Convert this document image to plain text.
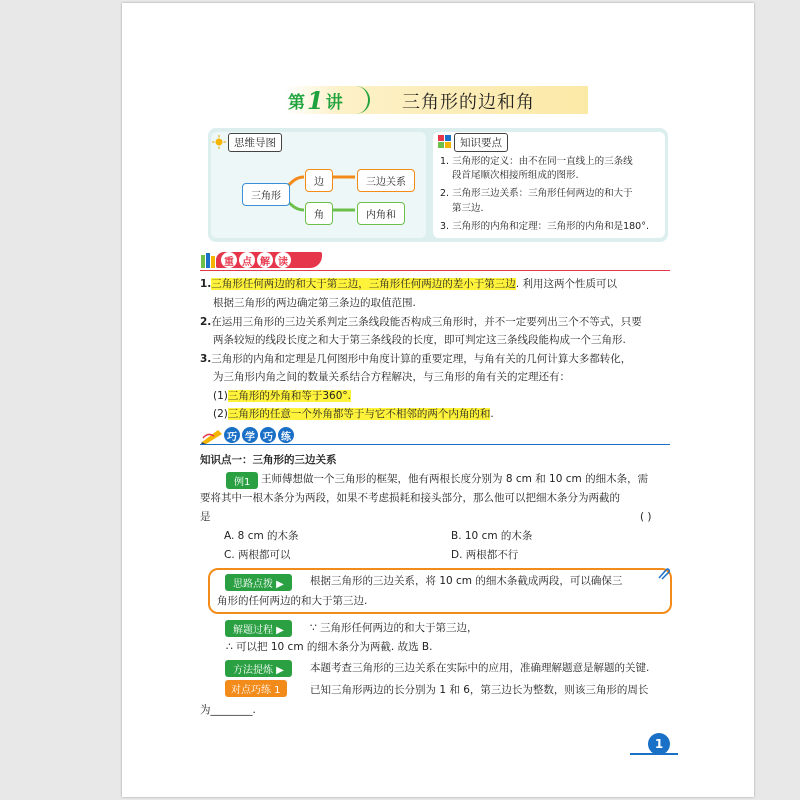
第 1 讲	三角形的边和角
思维导图
三角形
边	三边关系
角	内角和
知识要点
1. 三角形的定义：由不在同一直线上的三条线
段首尾顺次相接所组成的图形.
2. 三角形三边关系：三角形任何两边的和大于
第三边.
3. 三角形的内角和定理：三角形的内角和是180°.
重 点 解 读
1.三角形任何两边的和大于第三边，三角形任何两边的差小于第三边. 利用这两个性质可以
根据三角形的两边确定第三条边的取值范围.
2.在运用三角形的三边关系判定三条线段能否构成三角形时，并不一定要列出三个不等式，只要
两条较短的线段长度之和大于第三条线段的长度，即可判定这三条线段能构成一个三角形.
3.三角形的内角和定理是几何图形中角度计算的重要定理，与角有关的几何计算大多都转化，
为三角形内角之间的数量关系结合方程解决，与三角形的角有关的定理还有：
(1)三角形的外角和等于360°.
(2)三角形的任意一个外角都等于与它不相邻的两个内角的和.
巧 学 巧 练
知识点一：三角形的三边关系
例1	王师傅想做一个三角形的框架，他有两根长度分别为 8 cm 和 10 cm 的细木条，需
要将其中一根木条分为两段，如果不考虑损耗和接头部分，那么他可以把细木条分为两截的
是	( )
A. 8 cm 的木条	B. 10 cm 的木条
C. 两根都可以	D. 两根都不行
思路点拨 ▶	根据三角形的三边关系，将 10 cm 的细木条截成两段，可以确保三
角形的任何两边的和大于第三边.
解题过程 ▶	∵ 三角形任何两边的和大于第三边，
∴ 可以把 10 cm 的细木条分为两截. 故选 B.
方法提炼 ▶	本题考查三角形的三边关系在实际中的应用，准确理解题意是解题的关键.
对点巧练 1	已知三角形两边的长分别为 1 和 6，第三边长为整数，则该三角形的周长
为________.
1
